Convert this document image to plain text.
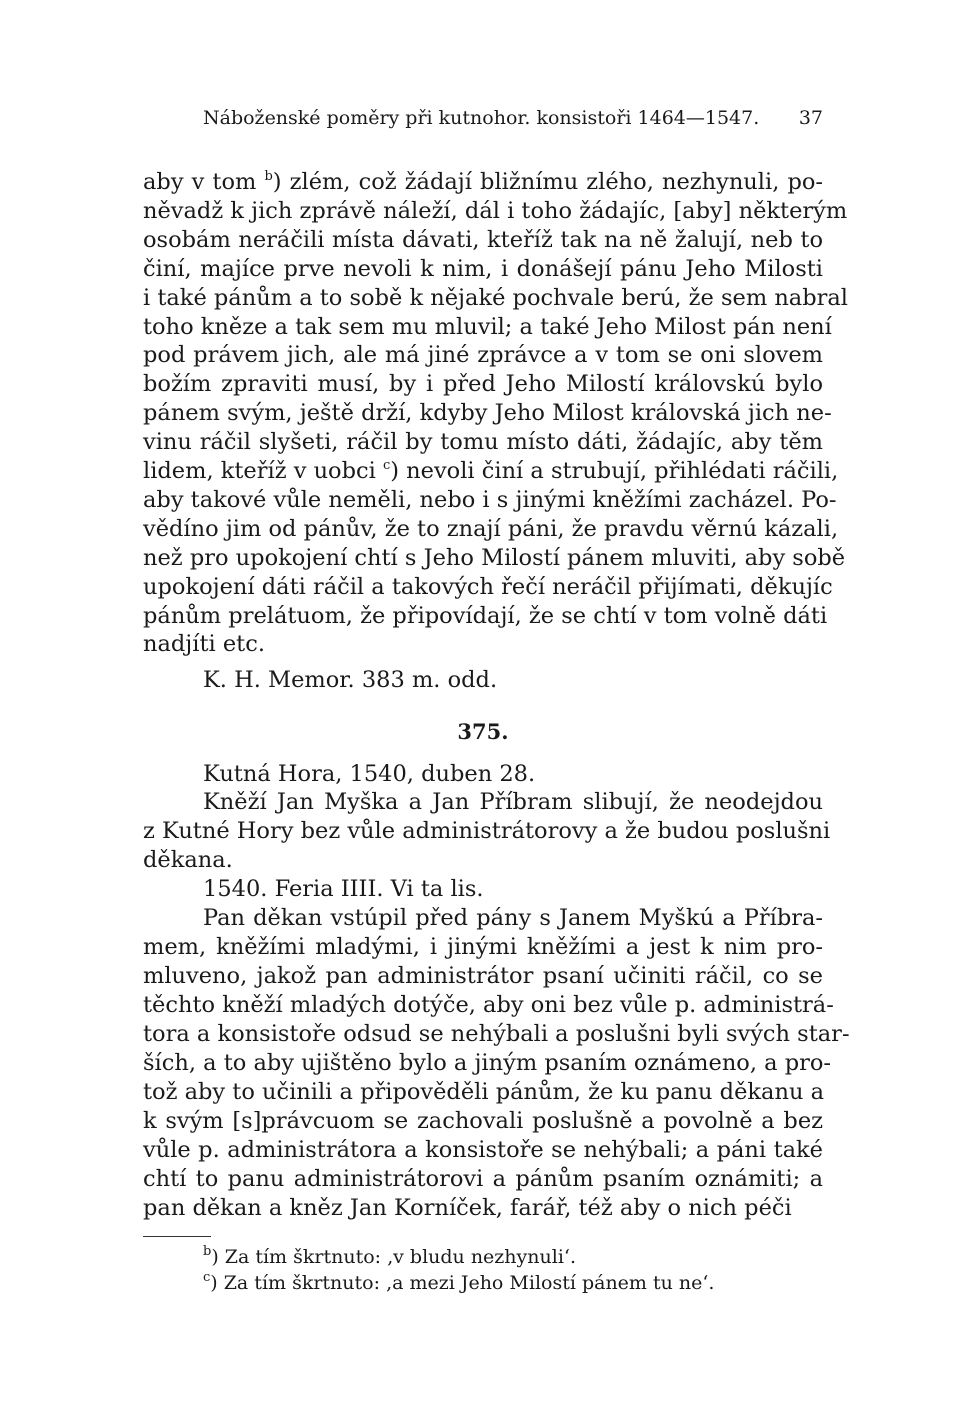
Náboženské poměry při kutnohor. konsistoři 1464—1547. 37
aby v tom $^b$) zlém, což žádají bližnímu zlého, nezhynuli, po-
něvadž k jich zprávě náleží, dál i toho žádajíc, [aby] některým
osobám neráčili místa dávati, kteříž tak na ně žalují, neb to
činí, majíce prve nevoli k nim, i donášejí pánu Jeho Milosti
i také pánům a to sobě k nějaké pochvale berú, že sem nabral
toho kněze a tak sem mu mluvil; a také Jeho Milost pán není
pod právem jich, ale má jiné zprávce a v tom se oni slovem
božím zpraviti musí, by i před Jeho Milostí královskú bylo
pánem svým, ještě drží, kdyby Jeho Milost královská jich ne-
vinu ráčil slyšeti, ráčil by tomu místo dáti, žádajíc, aby těm
lidem, kteříž v uobci $^c$) nevoli činí a strubují, přihlédati ráčili,
aby takové vůle neměli, nebo i s jinými kněžími zacházel. Po-
vědíno jim od pánův, že to znají páni, že pravdu věrnú kázali,
než pro upokojení chtí s Jeho Milostí pánem mluviti, aby sobě
upokojení dáti ráčil a takových řečí neráčil přijímati, děkujíc
pánům prelátuom, že připovídají, že se chtí v tom volně dáti
nadjíti etc.
K. H. Memor. 383 m. odd.
375.
Kutná Hora, 1540, duben 28.
Kněží Jan Myška a Jan Příbram slibují, že neodejdou
z Kutné Hory bez vůle administrátorovy a že budou poslušni
děkana.
1540. Feria IIII. Vi ta lis.
Pan děkan vstúpil před pány s Janem Myškú a Příbra-
mem, kněžími mladými, i jinými kněžími a jest k nim pro-
mluveno, jakož pan administrátor psaní učiniti ráčil, co se
těchto kněží mladých dotýče, aby oni bez vůle p. administrá-
tora a konsistoře odsud se nehýbali a poslušni byli svých star-
ších, a to aby ujištěno bylo a jiným psaním oznámeno, a pro-
tož aby to učinili a připověděli pánům, že ku panu děkanu a
k svým [s]právcuom se zachovali poslušně a povolně a bez
vůle p. administrátora a konsistoře se nehýbali; a páni také
chtí to panu administrátorovi a pánům psaním oznámiti; a
pan děkan a kněz Jan Korníček, farář, též aby o nich péči
$^b$) Za tím škrtnuto: ‚v bludu nezhynuli‘.
$^c$) Za tím škrtnuto: ‚a mezi Jeho Milostí pánem tu ne‘.
